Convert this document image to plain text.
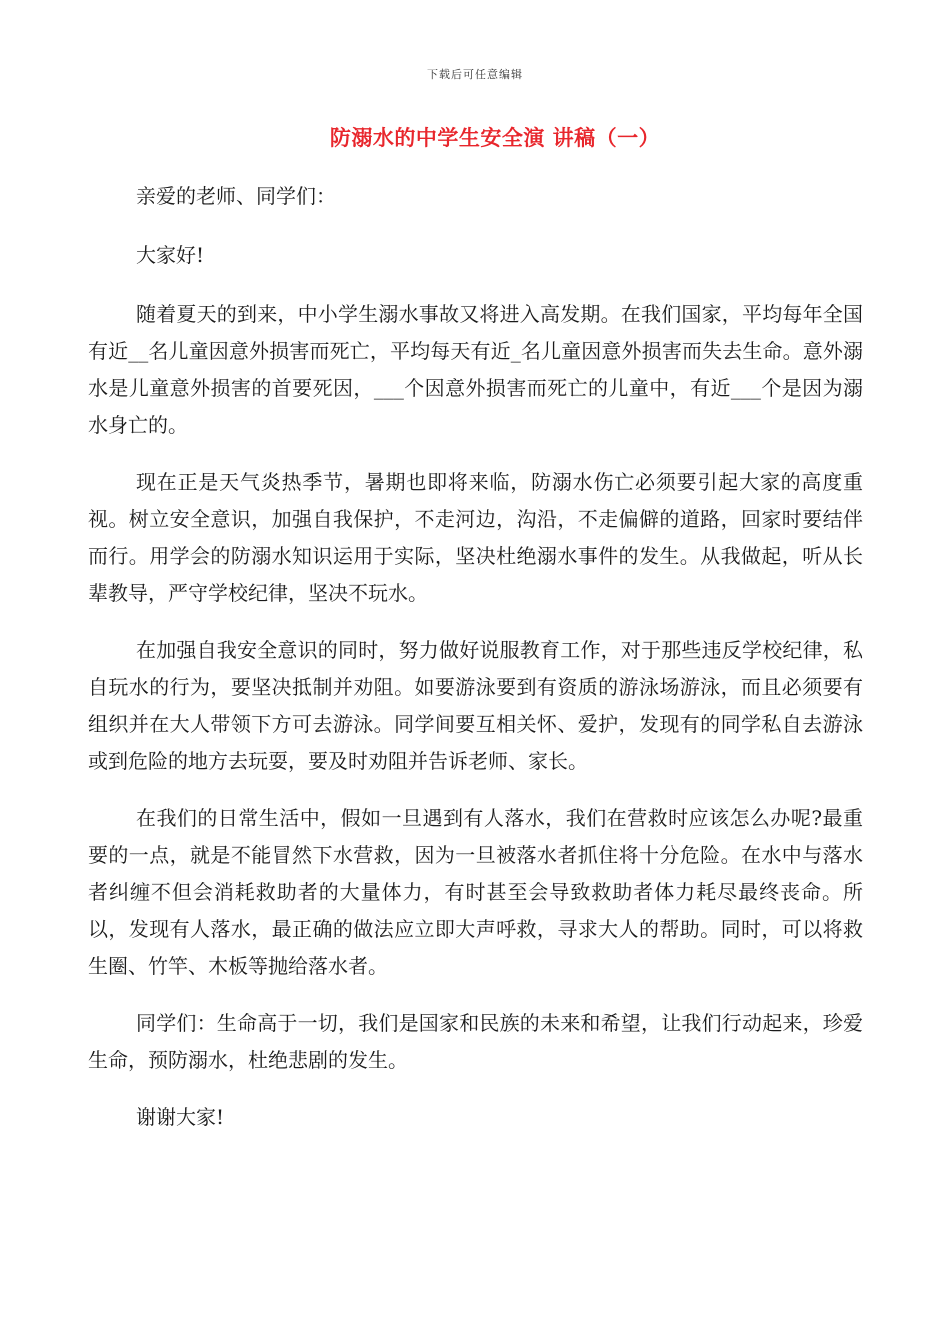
下载后可任意编辑
防溺水的中学生安全演 讲稿（一）

亲爱的老师、同学们：

大家好!

随着夏天的到来，中小学生溺水事故又将进入高发期。在我们国家，平均每年全国有近__名儿童因意外损害而死亡，平均每天有近_名儿童因意外损害而失去生命。意外溺水是儿童意外损害的首要死因，___个因意外损害而死亡的儿童中，有近___个是因为溺水身亡的。

现在正是天气炎热季节，暑期也即将来临，防溺水伤亡必须要引起大家的高度重视。树立安全意识，加强自我保护，不走河边，沟沿，不走偏僻的道路，回家时要结伴而行。用学会的防溺水知识运用于实际，坚决杜绝溺水事件的发生。从我做起，听从长辈教导，严守学校纪律，坚决不玩水。

在加强自我安全意识的同时，努力做好说服教育工作，对于那些违反学校纪律，私自玩水的行为，要坚决抵制并劝阻。如要游泳要到有资质的游泳场游泳，而且必须要有组织并在大人带领下方可去游泳。同学间要互相关怀、爱护，发现有的同学私自去游泳或到危险的地方去玩耍，要及时劝阻并告诉老师、家长。

在我们的日常生活中，假如一旦遇到有人落水，我们在营救时应该怎么办呢?最重要的一点，就是不能冒然下水营救，因为一旦被落水者抓住将十分危险。在水中与落水者纠缠不但会消耗救助者的大量体力，有时甚至会导致救助者体力耗尽最终丧命。所以，发现有人落水，最正确的做法应立即大声呼救，寻求大人的帮助。同时，可以将救生圈、竹竿、木板等抛给落水者。

同学们：生命高于一切，我们是国家和民族的未来和希望，让我们行动起来，珍爱生命，预防溺水，杜绝悲剧的发生。

谢谢大家!
